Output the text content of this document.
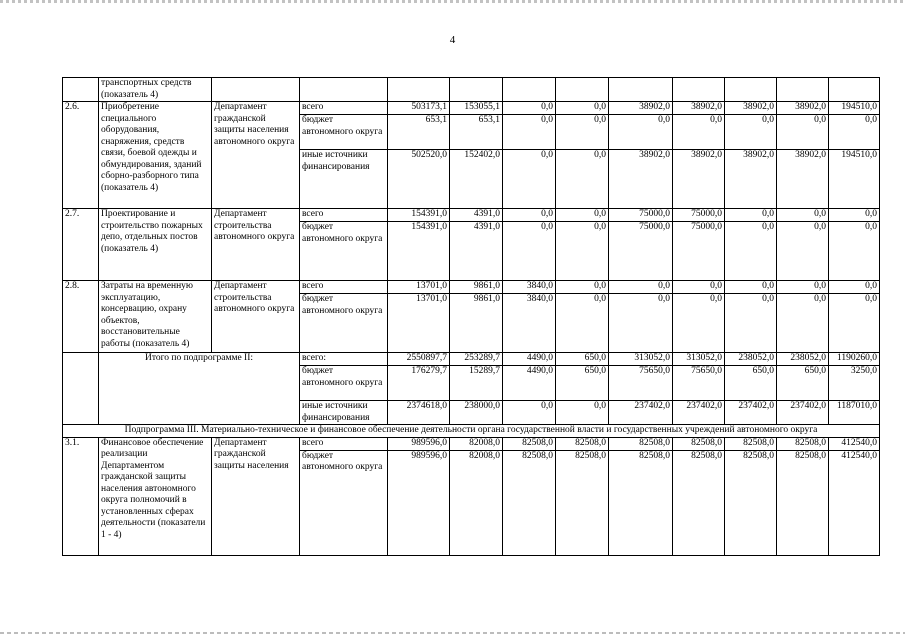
4
	транспортных средств (показатель 4)											
2.6.	Приобретение специального оборудования, снаряжения, средств связи, боевой одежды и обмундирования, зданий сборно-разборного типа (показатель 4)	Департамент гражданской защиты населения автономного округа	всего	503173,1	153055,1	0,0	0,0	38902,0	38902,0	38902,0	38902,0	194510,0
			бюджет автономного округа	653,1	653,1	0,0	0,0	0,0	0,0	0,0	0,0	0,0
			иные источники финансирования	502520,0	152402,0	0,0	0,0	38902,0	38902,0	38902,0	38902,0	194510,0
2.7.	Проектирование и строительство пожарных депо, отдельных постов (показатель 4)	Департамент строительства автономного округа	всего	154391,0	4391,0	0,0	0,0	75000,0	75000,0	0,0	0,0	0,0
			бюджет автономного округа	154391,0	4391,0	0,0	0,0	75000,0	75000,0	0,0	0,0	0,0
2.8.	Затраты на временную эксплуатацию, консервацию, охрану объектов, восстановительные работы (показатель 4)	Департамент строительства автономного округа	всего	13701,0	9861,0	3840,0	0,0	0,0	0,0	0,0	0,0	0,0
			бюджет автономного округа	13701,0	9861,0	3840,0	0,0	0,0	0,0	0,0	0,0	0,0
	Итого по подпрограмме II:		всего:	2550897,7	253289,7	4490,0	650,0	313052,0	313052,0	238052,0	238052,0	1190260,0
			бюджет автономного округа	176279,7	15289,7	4490,0	650,0	75650,0	75650,0	650,0	650,0	3250,0
			иные источники финансирования	2374618,0	238000,0	0,0	0,0	237402,0	237402,0	237402,0	237402,0	1187010,0
Подпрограмма III. Материально-техническое и финансовое обеспечение деятельности органа государственной власти и государственных учреждений автономного округа												
3.1.	Финансовое обеспечение реализации Департаментом гражданской защиты населения автономного округа полномочий в установленных сферах деятельности (показатели 1 - 4)	Департамент гражданской защиты населения	всего	989596,0	82008,0	82508,0	82508,0	82508,0	82508,0	82508,0	82508,0	412540,0
			бюджет автономного округа	989596,0	82008,0	82508,0	82508,0	82508,0	82508,0	82508,0	82508,0	412540,0
